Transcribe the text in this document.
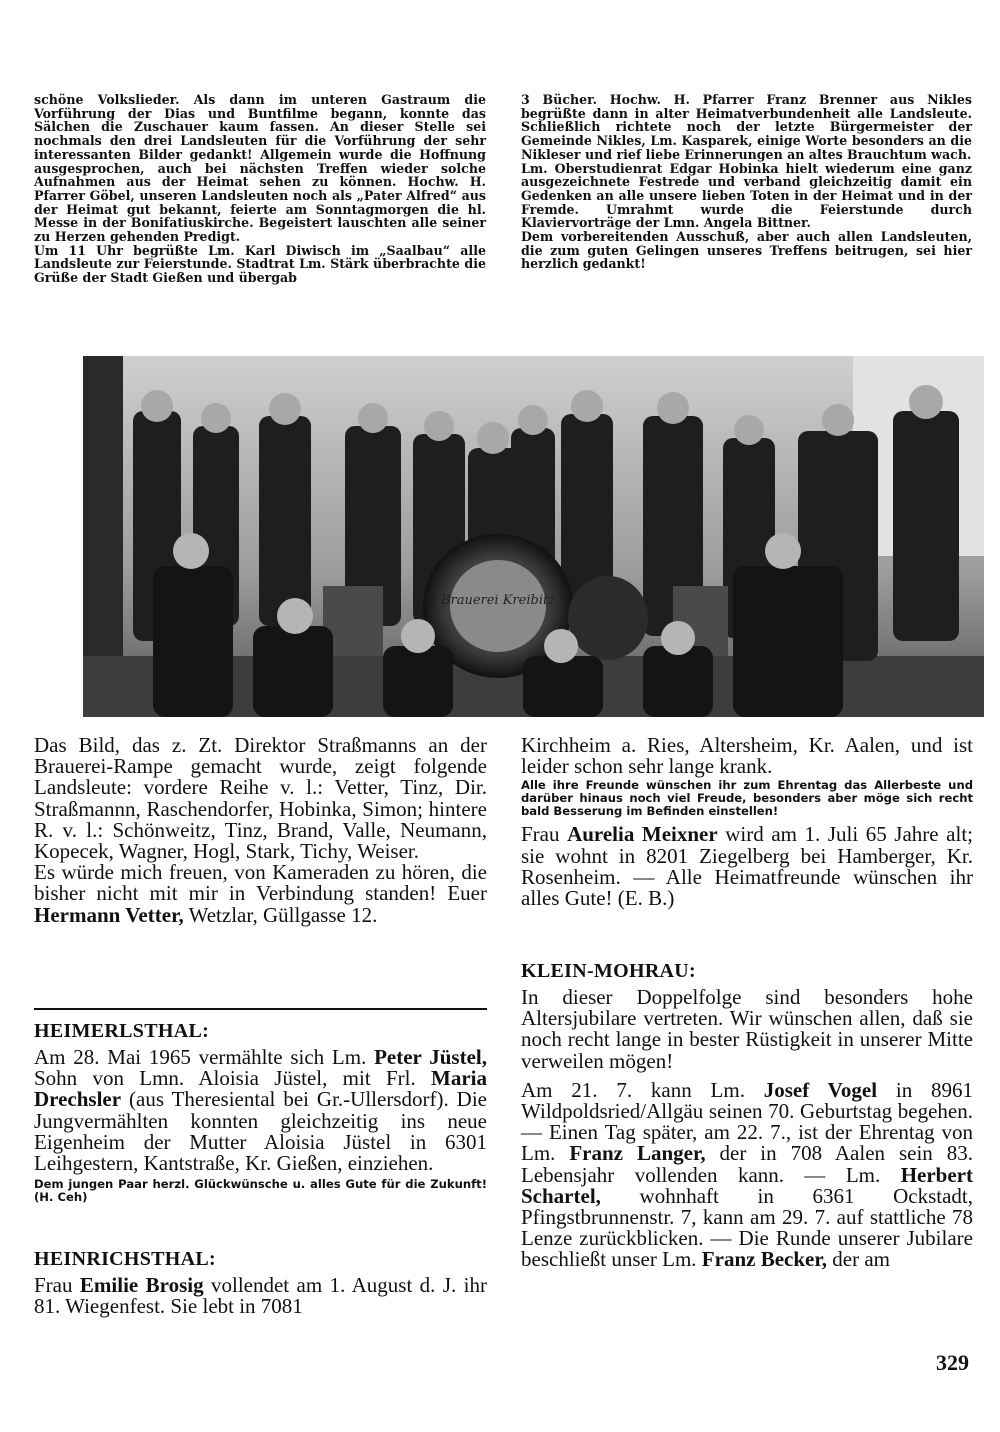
schöne Volkslieder. Als dann im unteren Gastraum die Vorführung der Dias und Buntfilme begann, konnte das Sälchen die Zuschauer kaum fassen. An dieser Stelle sei nochmals den drei Landsleuten für die Vorführung der sehr interessanten Bilder gedankt! Allgemein wurde die Hoffnung ausgesprochen, auch bei nächsten Treffen wieder solche Aufnahmen aus der Heimat sehen zu können. Hochw. H. Pfarrer Göbel, unseren Landsleuten noch als „Pater Alfred“ aus der Heimat gut bekannt, feierte am Sonntagmorgen die hl. Messe in der Bonifatiuskirche. Begeistert lauschten alle seiner zu Herzen gehenden Predigt.

Um 11 Uhr begrüßte Lm. Karl Diwisch im „Saalbau“ alle Landsleute zur Feierstunde. Stadtrat Lm. Stärk überbrachte die Grüße der Stadt Gießen und übergab

3 Bücher. Hochw. H. Pfarrer Franz Brenner aus Nikles begrüßte dann in alter Heimatverbundenheit alle Landsleute. Schließlich richtete noch der letzte Bürgermeister der Gemeinde Nikles, Lm. Kasparek, einige Worte besonders an die Nikleser und rief liebe Erinnerungen an altes Brauchtum wach.

Lm. Oberstudienrat Edgar Hobinka hielt wiederum eine ganz ausgezeichnete Festrede und verband gleichzeitig damit ein Gedenken an alle unsere lieben Toten in der Heimat und in der Fremde. Umrahmt wurde die Feierstunde durch Klaviervorträge der Lmn. Angela Bittner.

Dem vorbereitenden Ausschuß, aber auch allen Landsleuten, die zum guten Gelingen unseres Treffens beitrugen, sei hier herzlich gedankt!

Brauerei Kreibitz

Das Bild, das z. Zt. Direktor Straßmanns an der Brauerei-Rampe gemacht wurde, zeigt folgende Landsleute: vordere Reihe v. l.: Vetter, Tinz, Dir. Straßmannn, Raschendorfer, Hobinka, Simon; hintere R. v. l.: Schönweitz, Tinz, Brand, Valle, Neumann, Kopecek, Wagner, Hogl, Stark, Tichy, Weiser.

Es würde mich freuen, von Kameraden zu hören, die bisher nicht mit mir in Verbindung standen! Euer Hermann Vetter, Wetzlar, Güllgasse 12.

HEIMERLSTHAL:

Am 28. Mai 1965 vermählte sich Lm. Peter Jüstel, Sohn von Lmn. Aloisia Jüstel, mit Frl. Maria Drechsler (aus Theresiental bei Gr.-Ullersdorf). Die Jungvermählten konnten gleichzeitig ins neue Eigenheim der Mutter Aloisia Jüstel in 6301 Leihgestern, Kantstraße, Kr. Gießen, einziehen.

Dem jungen Paar herzl. Glückwünsche u. alles Gute für die Zukunft! (H. Ceh)

HEINRICHSTHAL:

Frau Emilie Brosig vollendet am 1. August d. J. ihr 81. Wiegenfest. Sie lebt in 7081

Kirchheim a. Ries, Altersheim, Kr. Aalen, und ist leider schon sehr lange krank.

Alle ihre Freunde wünschen ihr zum Ehrentag das Allerbeste und darüber hinaus noch viel Freude, besonders aber möge sich recht bald Besserung im Befinden einstellen!

Frau Aurelia Meixner wird am 1. Juli 65 Jahre alt; sie wohnt in 8201 Ziegelberg bei Hamberger, Kr. Rosenheim. — Alle Heimatfreunde wünschen ihr alles Gute! (E. B.)

KLEIN-MOHRAU:

In dieser Doppelfolge sind besonders hohe Altersjubilare vertreten. Wir wünschen allen, daß sie noch recht lange in bester Rüstigkeit in unserer Mitte verweilen mögen!

Am 21. 7. kann Lm. Josef Vogel in 8961 Wildpoldsried/Allgäu seinen 70. Geburtstag begehen. — Einen Tag später, am 22. 7., ist der Ehrentag von Lm. Franz Langer, der in 708 Aalen sein 83. Lebensjahr vollenden kann. — Lm. Herbert Schartel, wohnhaft in 6361 Ockstadt, Pfingstbrunnenstr. 7, kann am 29. 7. auf stattliche 78 Lenze zurückblicken. — Die Runde unserer Jubilare beschließt unser Lm. Franz Becker, der am

329
